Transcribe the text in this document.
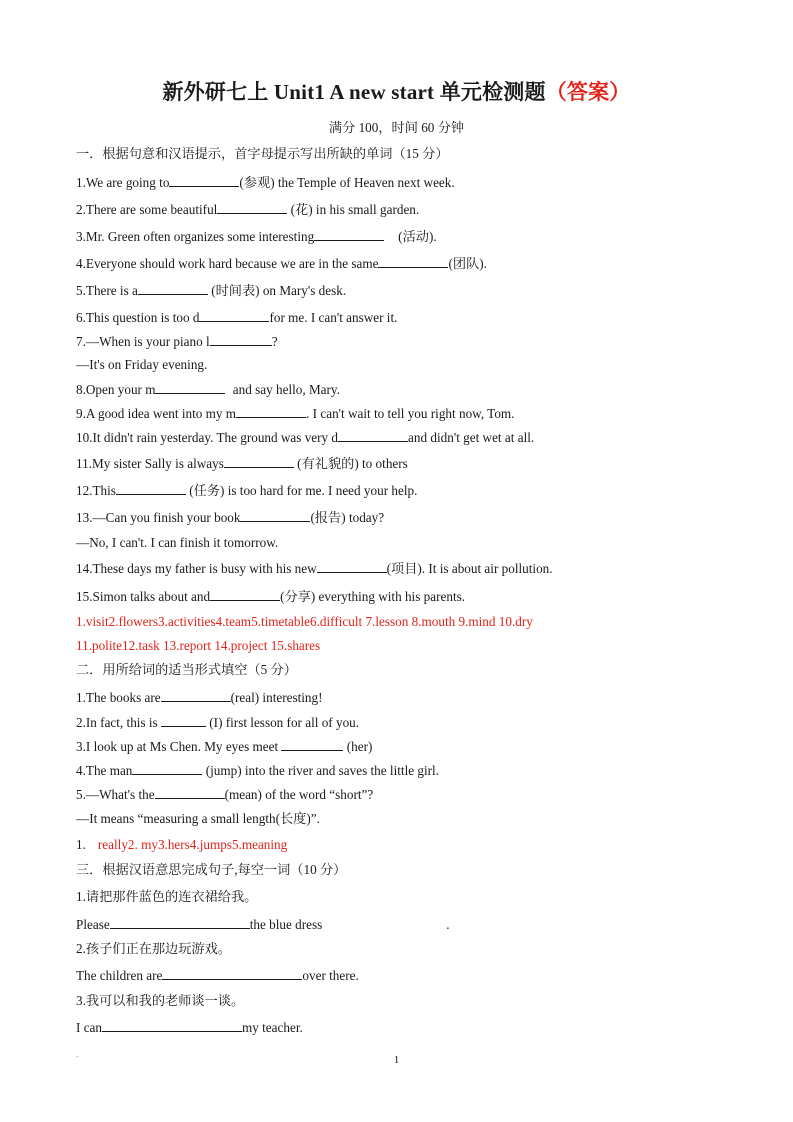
新外研七上 Unit1 A new start 单元检测题（答案）
满分 100，时间 60 分钟
一．根据句意和汉语提示，首字母提示写出所缺的单词（15 分）
1.We are going to	(参观) the Temple of Heaven next week.
2.There are some beautiful	(花) in his small garden.
3.Mr. Green often organizes some interesting	(活动).
4.Everyone should work hard because we are in the same	(团队).
5.There is a	(时间表) on Mary's desk.
6.This question is too d	for me. I can't answer it.
7.—When is your piano l	?
—It's on Friday evening.
8.Open your m	and say hello, Mary.
9.A good idea went into my m	. I can't wait to tell you right now, Tom.
10.It didn't rain yesterday. The ground was very d	and didn't get wet at all.
11.My sister Sally is always	(有礼貌的) to others
12.This	(任务) is too hard for me. I need your help.
13.—Can you finish your book	(报告) today?
—No, I can't. I can finish it tomorrow.
14.These days my father is busy with his new	(项目). It is about air pollution.
15.Simon talks about and	(分享) everything with his parents.
1.visit2.flowers3.activities4.team5.timetable6.difficult 7.lesson 8.mouth 9.mind 10.dry
11.polite12.task 13.report 14.project 15.shares
二．用所给词的适当形式填空（5 分）
1.The books are	(real) interesting!
2.In fact, this is	(I) first lesson for all of you.
3.I look up at Ms Chen. My eyes meet	(her)
4.The man	(jump) into the river and saves the little girl.
5.—What's the	(mean) of the word “short”?
—It means “measuring a small length(长度)”.
1. really2. my3.hers4.jumps5.meaning
三．根据汉语意思完成句子,每空一词（10 分）
1.请把那件蓝色的连衣裙给我。
Please	the blue dress	.
2.孩子们正在那边玩游戏。
The children are	over there.
3.我可以和我的老师谈一谈。
I can	my teacher.
-	1
